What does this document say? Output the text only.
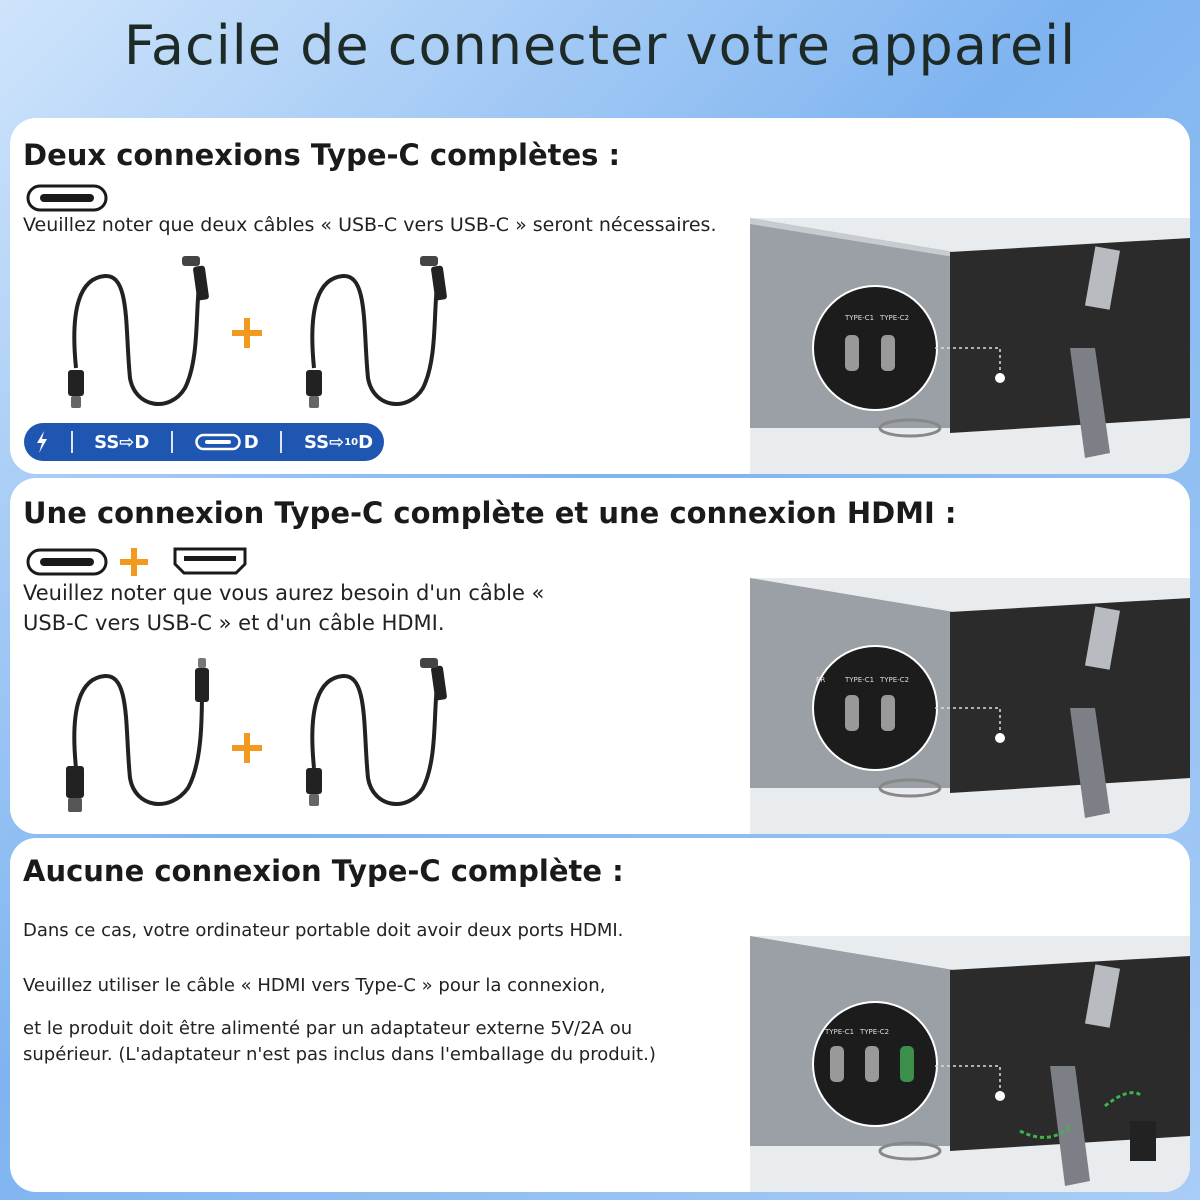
Facile de connecter votre appareil
Deux connexions Type-C complètes :
Veuillez noter que deux câbles « USB-C vers USB-C » seront nécessaires.
SS ⇨ D	D	SS ⇨ 10 D
TYPE-C1 TYPE-C2
Une connexion Type-C complète et une connexion HDMI :
Veuillez noter que vous aurez besoin d'un câble «
USB-C vers USB-C » et d'un câble HDMI.
ER	TYPE-C1 TYPE-C2
Aucune connexion Type-C complète :
Dans ce cas, votre ordinateur portable doit avoir deux ports HDMI.
Veuillez utiliser le câble « HDMI vers Type-C » pour la connexion,
et le produit doit être alimenté par un adaptateur externe 5V/2A ou supérieur. (L'adaptateur n'est pas inclus dans l'emballage du produit.)
TYPE-C1 TYPE-C2
